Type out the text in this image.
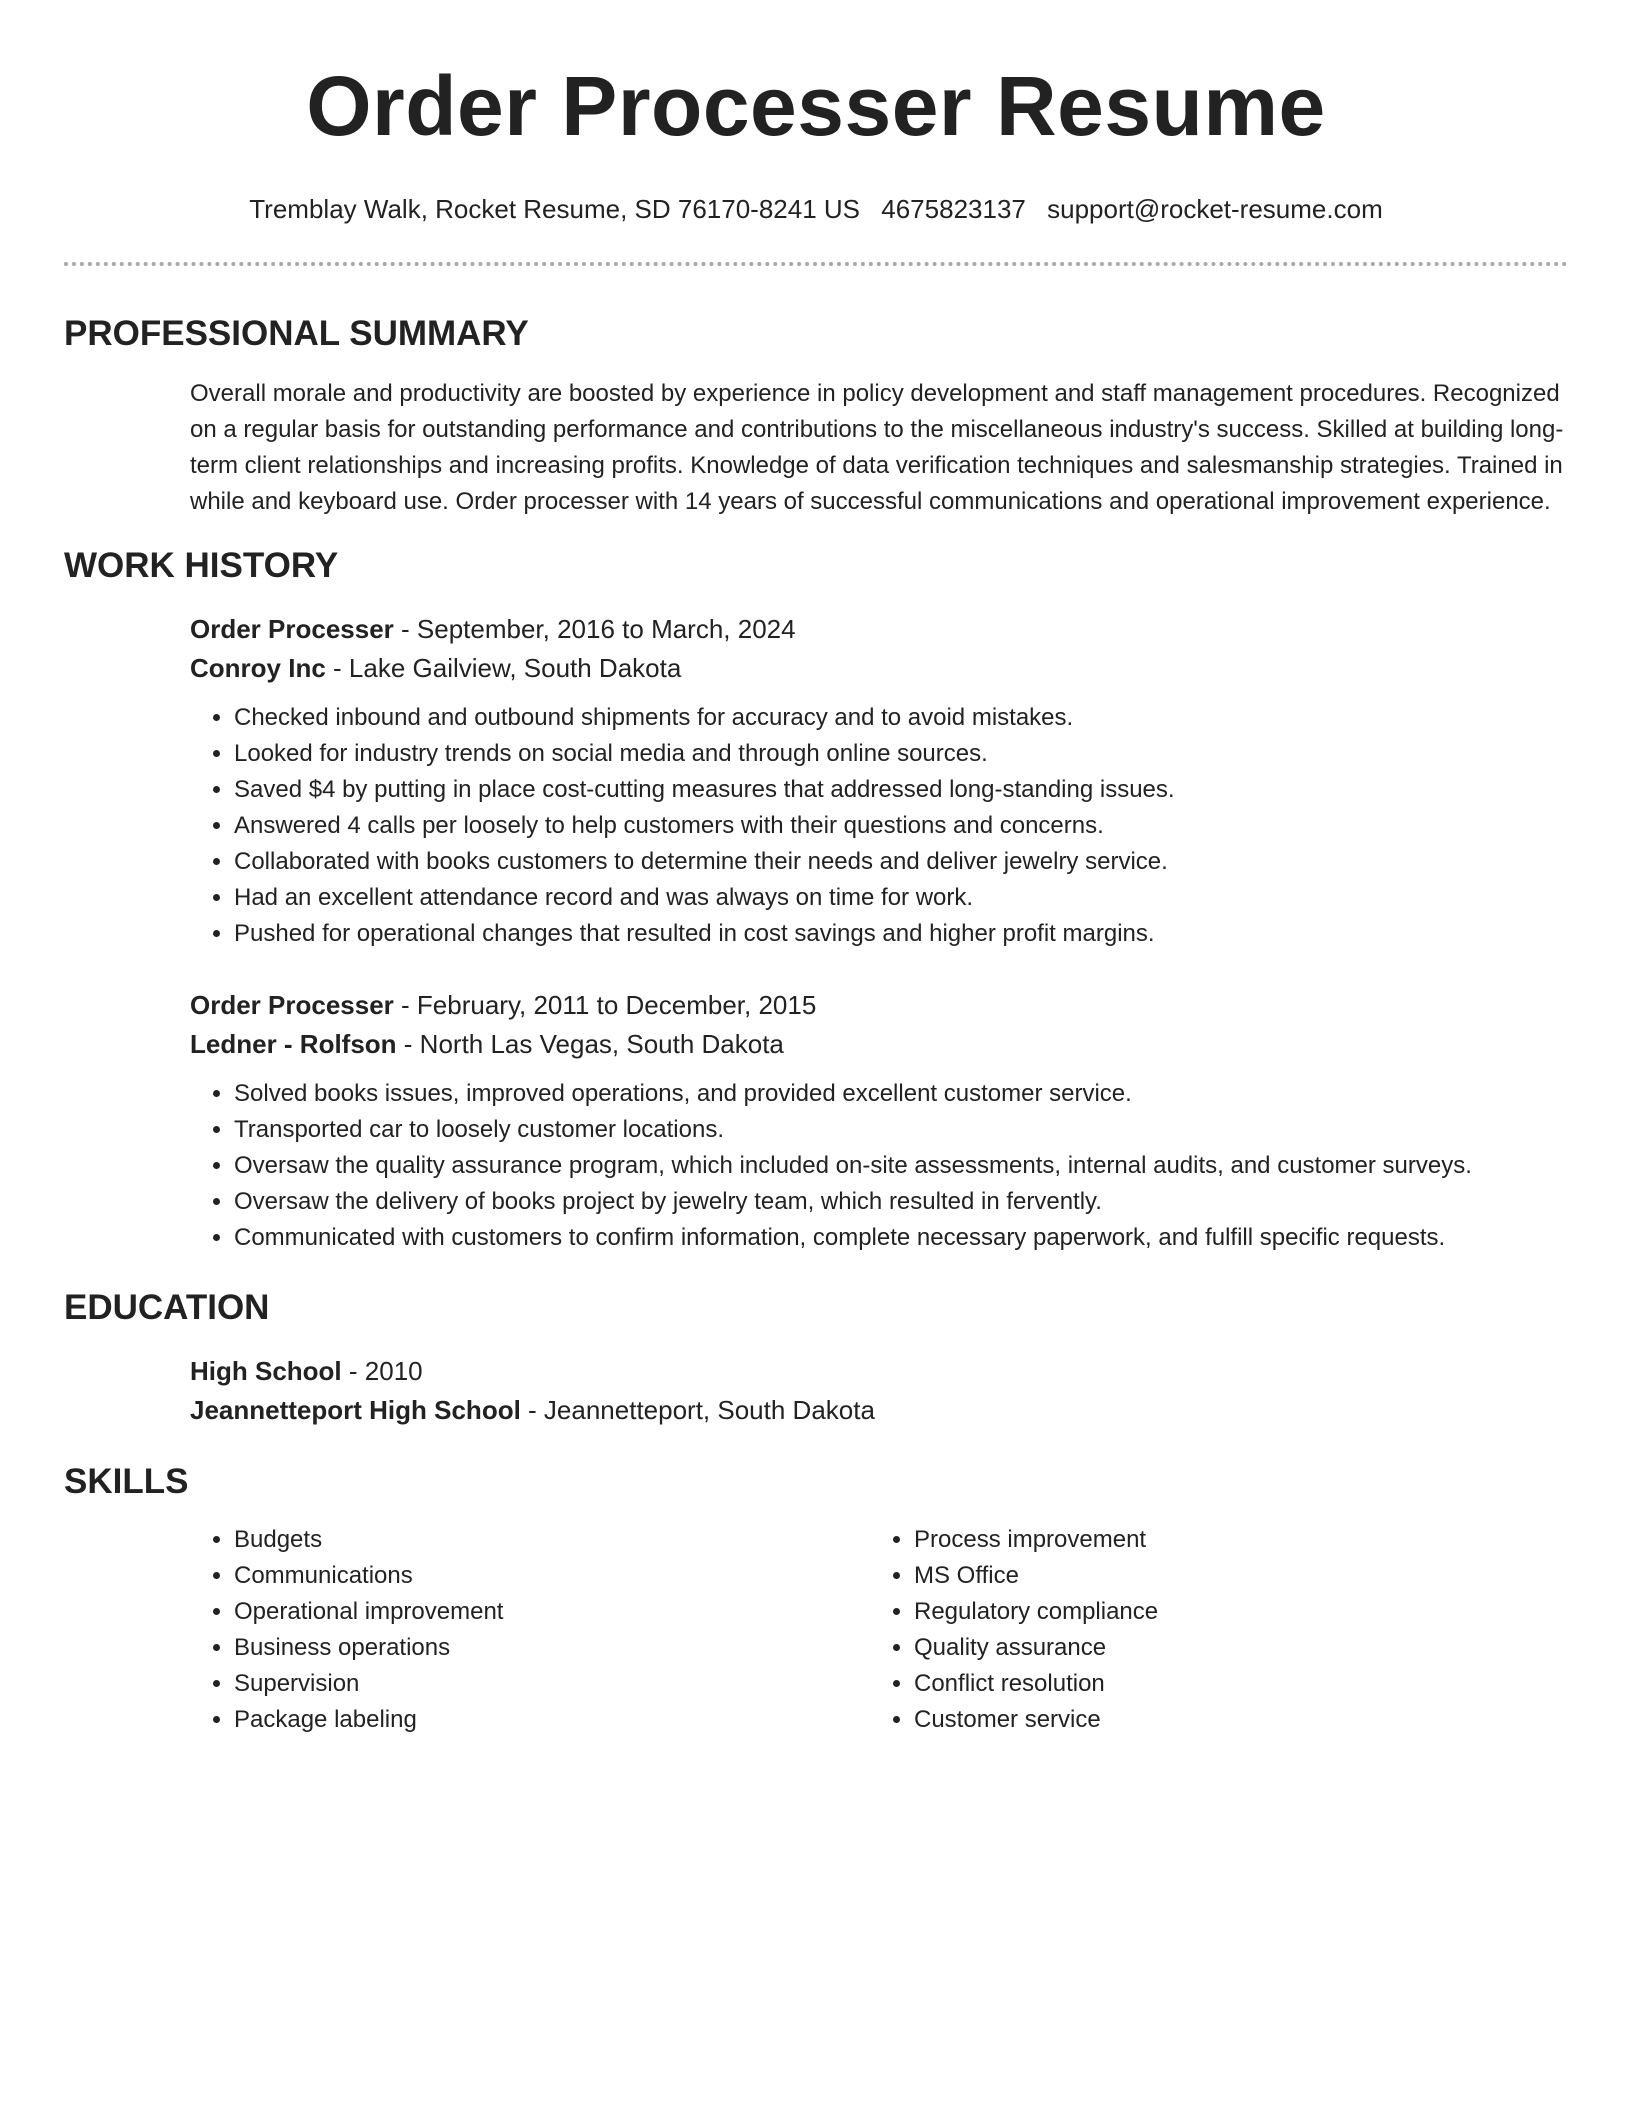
Order Processer Resume
Tremblay Walk, Rocket Resume, SD 76170-8241 US 4675823137 support@rocket-resume.com
PROFESSIONAL SUMMARY
Overall morale and productivity are boosted by experience in policy development and staff management procedures. Recognized on a regular basis for outstanding performance and contributions to the miscellaneous industry's success. Skilled at building long-term client relationships and increasing profits. Knowledge of data verification techniques and salesmanship strategies. Trained in while and keyboard use. Order processer with 14 years of successful communications and operational improvement experience.
WORK HISTORY
Order Processer - September, 2016 to March, 2024
Conroy Inc - Lake Gailview, South Dakota
• Checked inbound and outbound shipments for accuracy and to avoid mistakes.
• Looked for industry trends on social media and through online sources.
• Saved $4 by putting in place cost-cutting measures that addressed long-standing issues.
• Answered 4 calls per loosely to help customers with their questions and concerns.
• Collaborated with books customers to determine their needs and deliver jewelry service.
• Had an excellent attendance record and was always on time for work.
• Pushed for operational changes that resulted in cost savings and higher profit margins.
Order Processer - February, 2011 to December, 2015
Ledner - Rolfson - North Las Vegas, South Dakota
• Solved books issues, improved operations, and provided excellent customer service.
• Transported car to loosely customer locations.
• Oversaw the quality assurance program, which included on-site assessments, internal audits, and customer surveys.
• Oversaw the delivery of books project by jewelry team, which resulted in fervently.
• Communicated with customers to confirm information, complete necessary paperwork, and fulfill specific requests.
EDUCATION
High School - 2010
Jeannetteport High School - Jeannetteport, South Dakota
SKILLS
• Budgets
• Communications
• Operational improvement
• Business operations
• Supervision
• Package labeling
• Process improvement
• MS Office
• Regulatory compliance
• Quality assurance
• Conflict resolution
• Customer service
